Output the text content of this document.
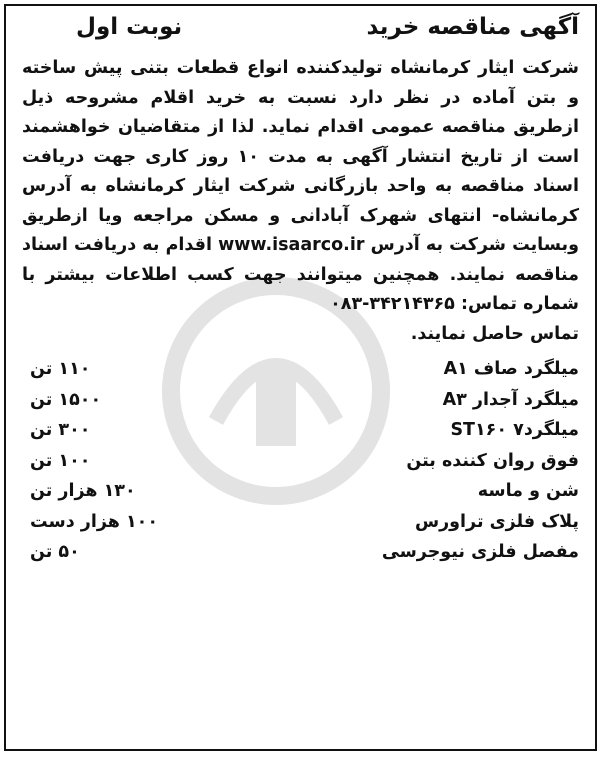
آگهی مناقصه خرید
نوبت اول

شرکت ایثار کرمانشاه تولیدکننده انواع قطعات بتنی پیش ساخته و بتن آماده در نظر دارد نسبت به خرید اقلام مشروحه ذیل ازطریق مناقصه عمومی اقدام نماید. لذا از متقاضیان خواهشمند است از تاریخ انتشار آگهی به مدت ۱۰ روز کاری جهت دریافت اسناد مناقصه به واحد بازرگانی شرکت ایثار کرمانشاه به آدرس کرمانشاه- انتهای شهرک آبادانی و مسکن مراجعه ویا ازطریق وبسایت شرکت به آدرس www.isaarco.ir اقدام به دریافت اسناد مناقصه نمایند. همچنین میتوانند جهت کسب اطلاعات بیشتر با شماره تماس: ۰۸۳-۳۴۲۱۴۳۶۵
تماس حاصل نمایند.

میلگرد صاف A۱
۱۱۰ تن
میلگرد آجدار A۳
۱۵۰۰ تن
میلگرد۷ ST۱۶۰
۳۰۰ تن
فوق روان کننده بتن
۱۰۰ تن
شن و ماسه
۱۳۰ هزار تن
پلاک فلزی تراورس
۱۰۰ هزار دست
مفصل فلزی نیوجرسی
۵۰ تن
